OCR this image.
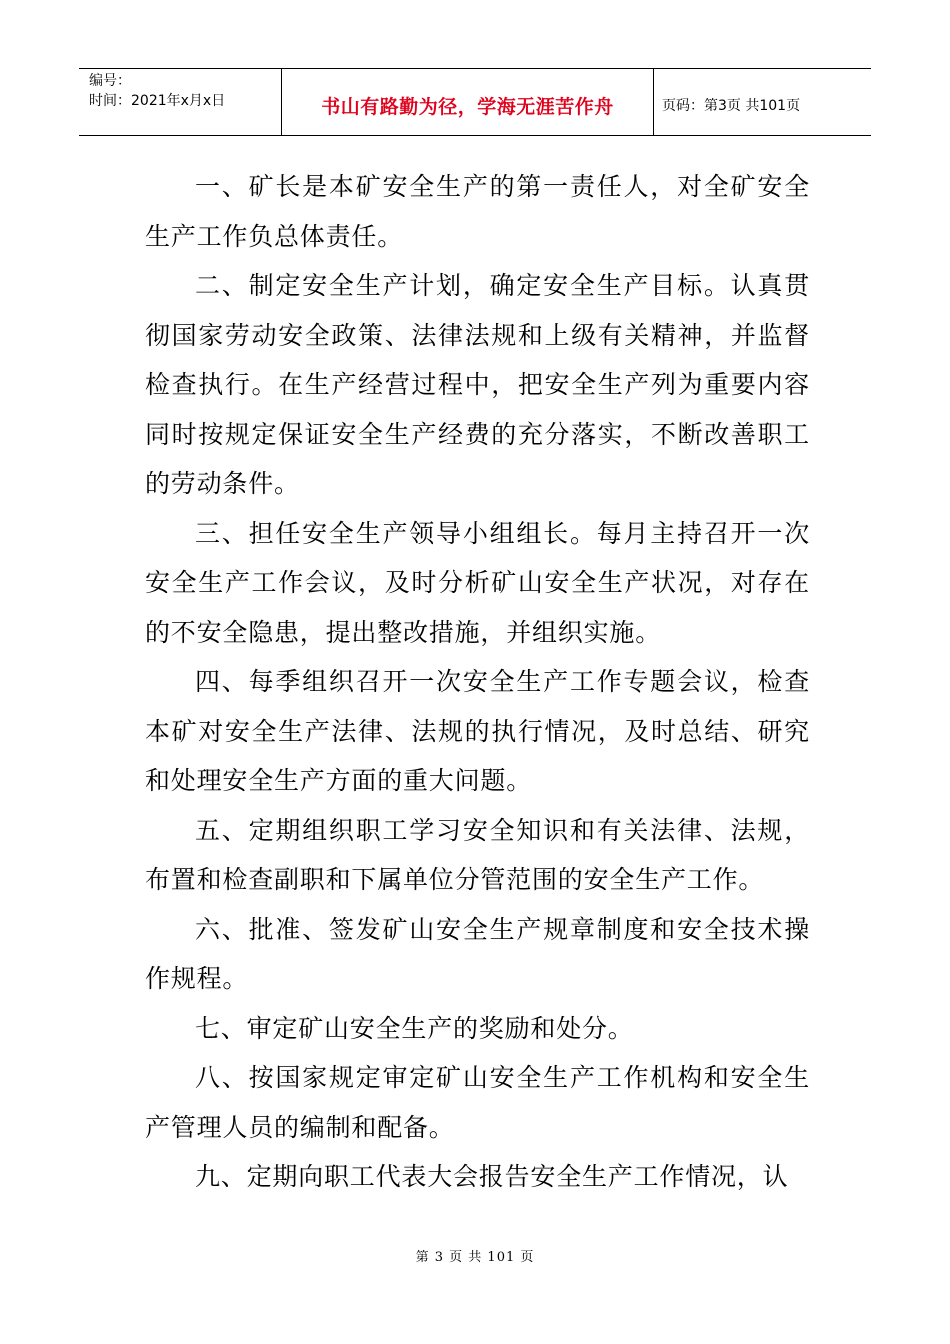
编号：
时间：2021年x月x日	书山有路勤为径，学海无涯苦作舟	页码：第3页 共101页

一、矿长是本矿安全生产的第一责任人，对全矿安全生产工作负总体责任。

二、制定安全生产计划，确定安全生产目标。认真贯彻国家劳动安全政策、法律法规和上级有关精神，并监督检查执行。在生产经营过程中，把安全生产列为重要内容同时按规定保证安全生产经费的充分落实，不断改善职工的劳动条件。

三、担任安全生产领导小组组长。每月主持召开一次安全生产工作会议，及时分析矿山安全生产状况，对存在的不安全隐患，提出整改措施，并组织实施。

四、每季组织召开一次安全生产工作专题会议，检查本矿对安全生产法律、法规的执行情况，及时总结、研究和处理安全生产方面的重大问题。

五、定期组织职工学习安全知识和有关法律、法规，布置和检查副职和下属单位分管范围的安全生产工作。

六、批准、签发矿山安全生产规章制度和安全技术操作规程。

七、审定矿山安全生产的奖励和处分。

八、按国家规定审定矿山安全生产工作机构和安全生产管理人员的编制和配备。

九、定期向职工代表大会报告安全生产工作情况，认

第 3 页 共 101 页
